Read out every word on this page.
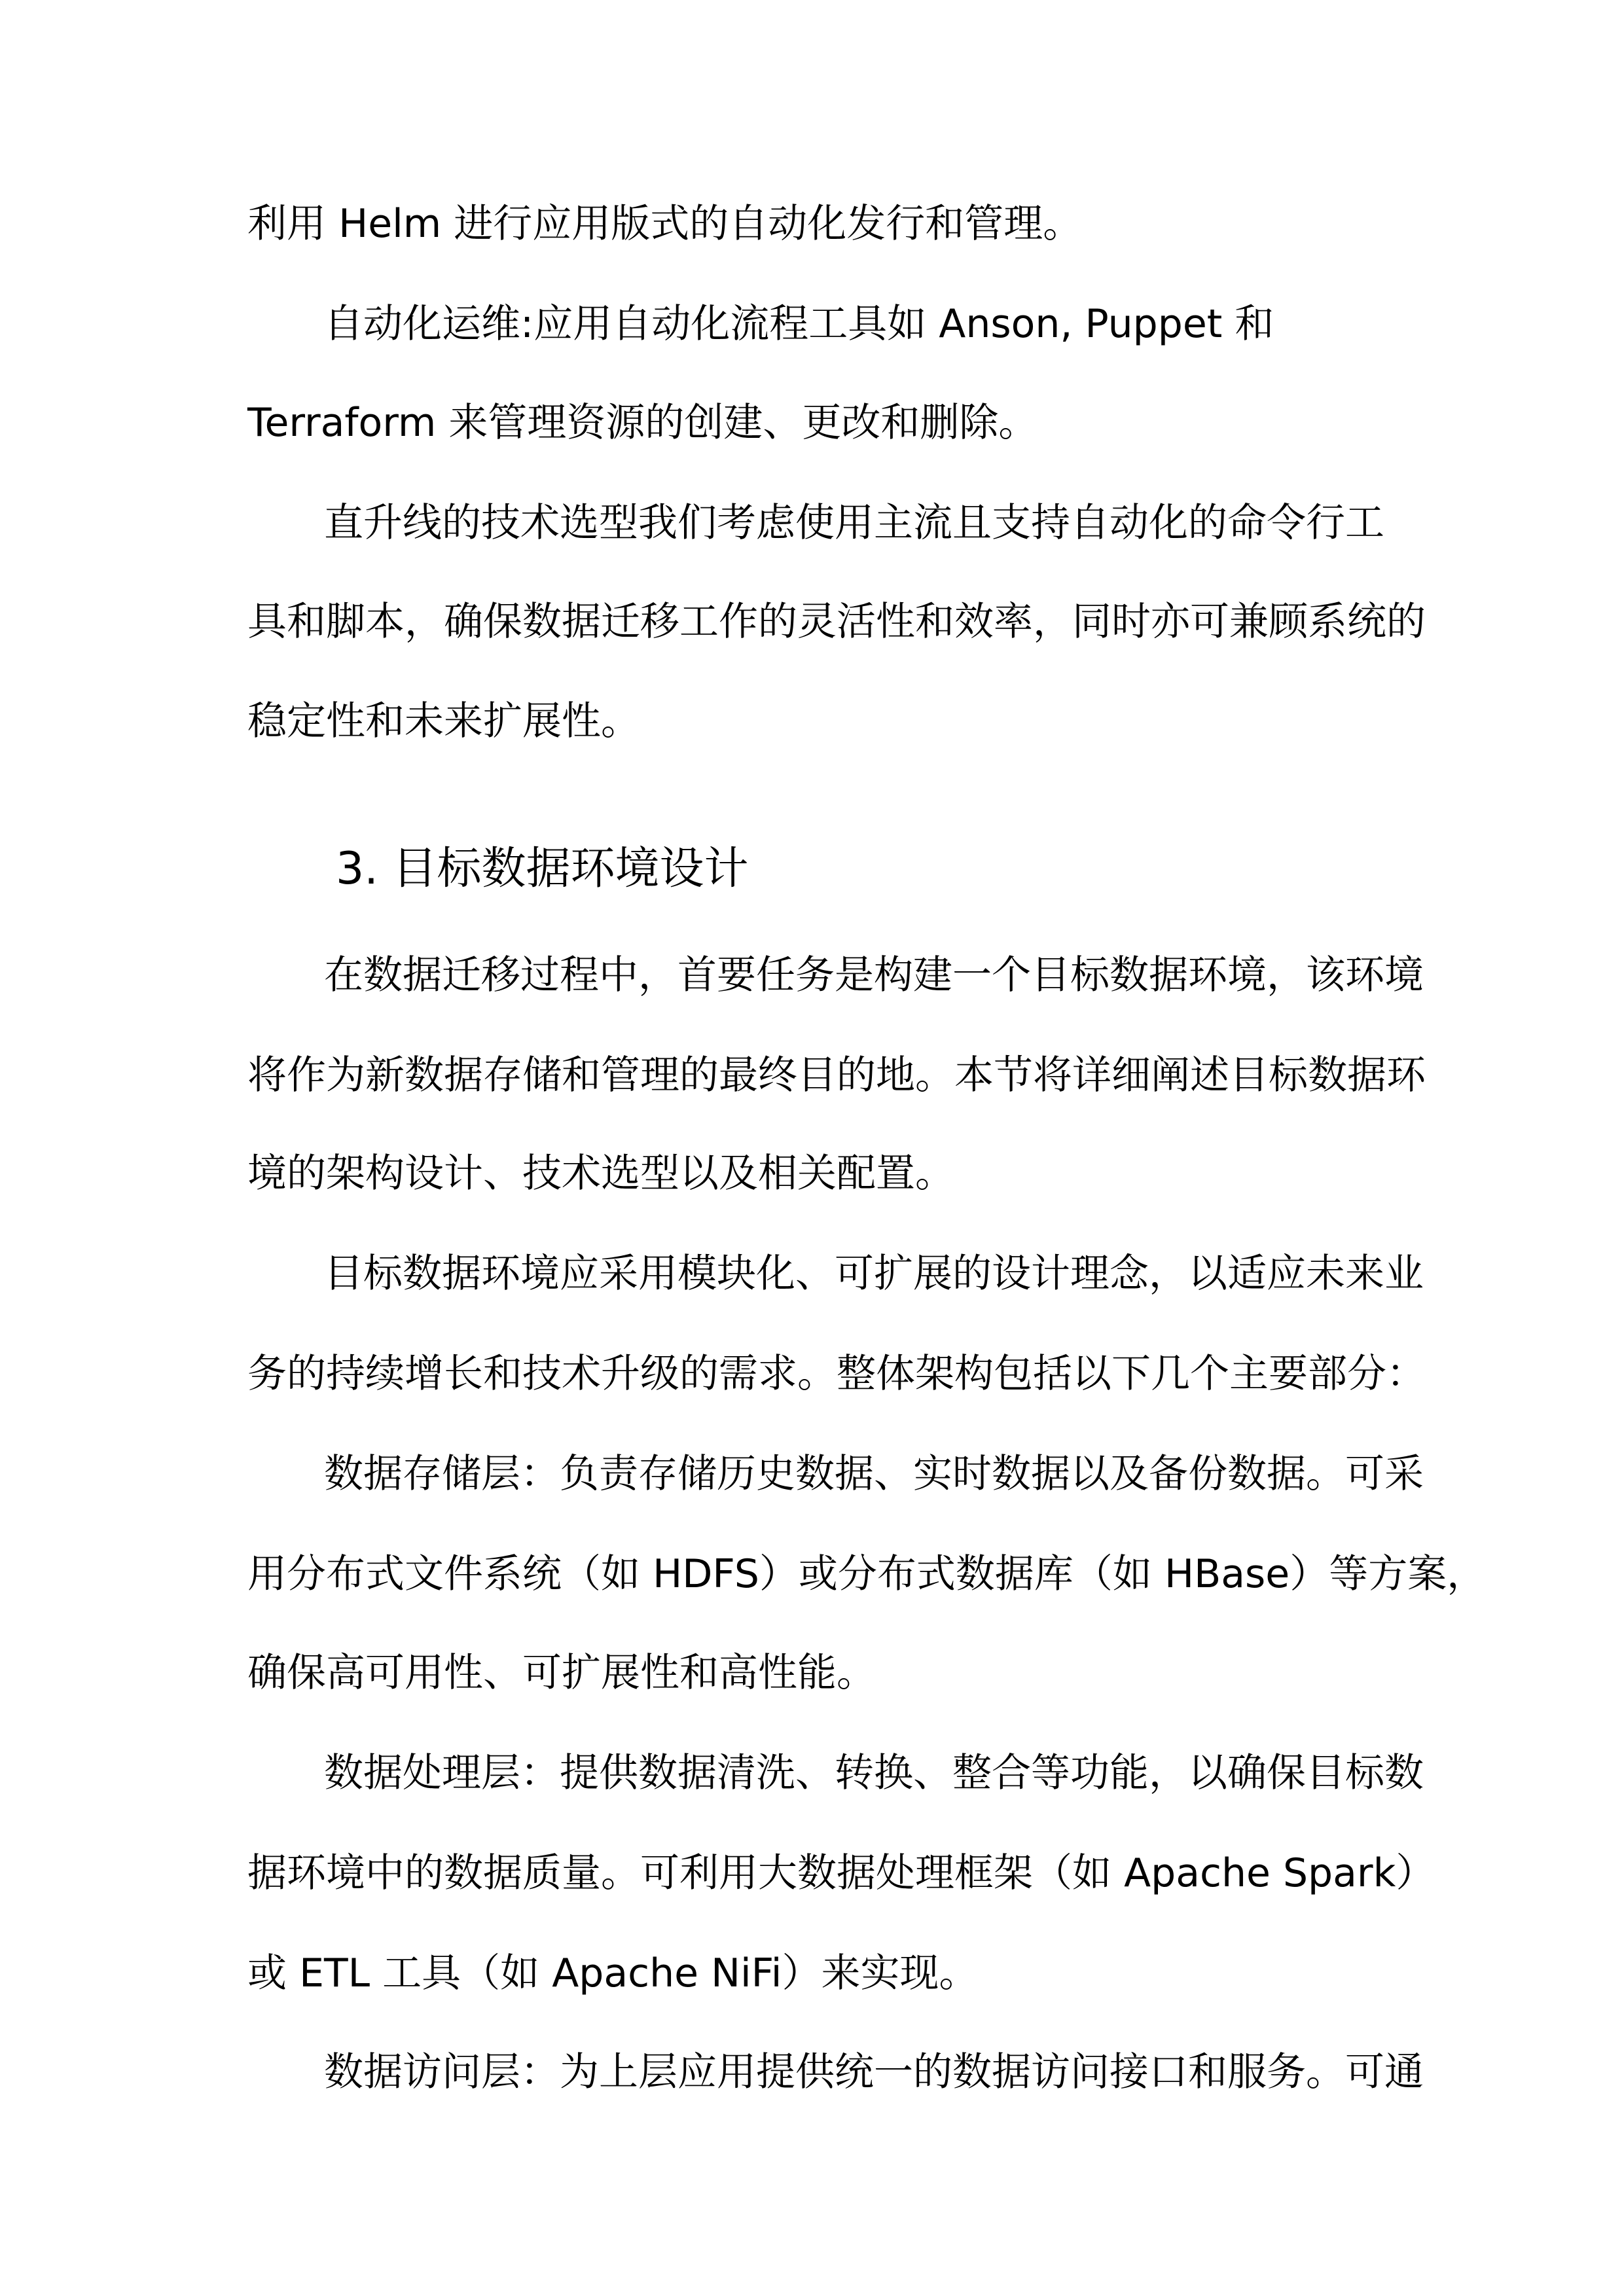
3. 目标数据环境设计
利用 Helm 进行应用版式的自动化发行和管理。
自动化运维:应用自动化流程工具如 Anson, Puppet 和
Terraform 来管理资源的创建、更改和删除。
直升线的技术选型我们考虑使用主流且支持自动化的命令行工
具和脚本，确保数据迁移工作的灵活性和效率，同时亦可兼顾系统的
稳定性和未来扩展性。
在数据迁移过程中，首要任务是构建一个目标数据环境，该环境
将作为新数据存储和管理的最终目的地。本节将详细阐述目标数据环
境的架构设计、技术选型以及相关配置。
目标数据环境应采用模块化、可扩展的设计理念，以适应未来业
务的持续增长和技术升级的需求。整体架构包括以下几个主要部分：
数据存储层：负责存储历史数据、实时数据以及备份数据。可采
用分布式文件系统（如 HDFS）或分布式数据库（如 HBase）等方案，
确保高可用性、可扩展性和高性能。
数据处理层：提供数据清洗、转换、整合等功能，以确保目标数
据环境中的数据质量。可利用大数据处理框架（如 Apache Spark）
或 ETL 工具（如 Apache NiFi）来实现。
数据访问层：为上层应用提供统一的数据访问接口和服务。可通
